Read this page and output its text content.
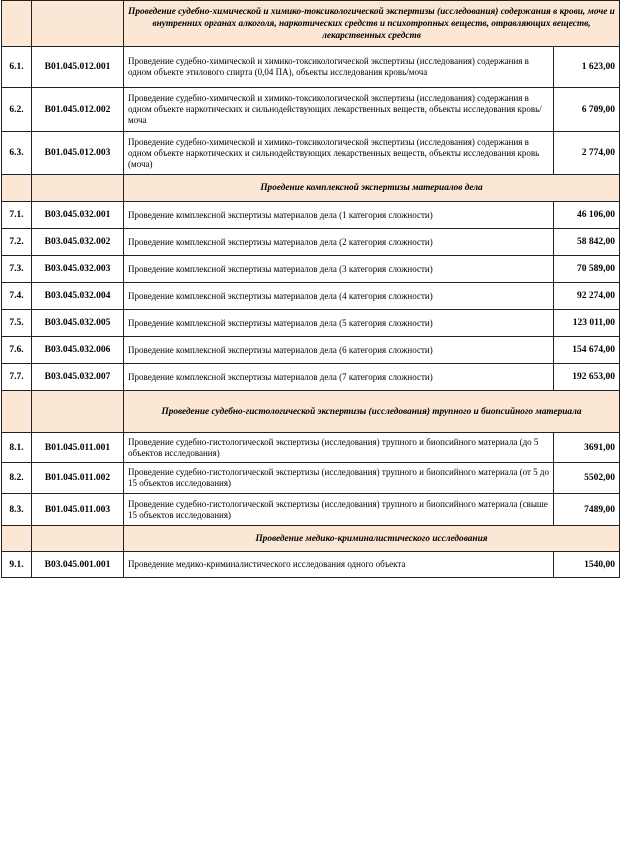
		Проведение судебно-химической и химико-токсикологической экспертизы (исследования) содержания в крови, моче и внутренних органах алкоголя, наркотических средств и психотропных веществ, отравляющих веществ, лекарственных средств	
6.1.	B01.045.012.001	Проведение судебно-химической и химико-токсикологической экспертизы (исследования) содержания в одном объекте этилового спирта (0,04 ПА), объекты исследования кровь/моча	1 623,00
6.2.	B01.045.012.002	Проведение судебно-химической и химико-токсикологической экспертизы (исследования) содержания в одном объекте наркотических и сильнодействующих лекарственных веществ, объекты исследования кровь/моча	6 709,00
6.3.	B01.045.012.003	Проведение судебно-химической и химико-токсикологической экспертизы (исследования) содержания в одном объекте наркотических и сильнодействующих лекарственных веществ, объекты исследования кровь (моча)	2 774,00
		Проедение комплексной экспертизы материалов дела	
7.1.	B03.045.032.001	Проведение комплексной экспертизы материалов дела (1 категория сложности)	46 106,00
7.2.	B03.045.032.002	Проведение комплексной экспертизы материалов дела (2 категория сложности)	58 842,00
7.3.	B03.045.032.003	Проведение комплексной экспертизы материалов дела (3 категория сложности)	70 589,00
7.4.	B03.045.032.004	Проведение комплексной экспертизы материалов дела (4 категория сложности)	92 274,00
7.5.	B03.045.032.005	Проведение комплексной экспертизы материалов дела (5 категория сложности)	123 011,00
7.6.	B03.045.032.006	Проведение комплексной экспертизы материалов дела (6 категория сложности)	154 674,00
7.7.	B03.045.032.007	Проведение комплексной экспертизы материалов дела (7 категория сложности)	192 653,00
		Проведение судебно-гистологической экспертизы (исследования) трупного и биопсийного материала	
8.1.	B01.045.011.001	Проведение судебно-гистологической экспертизы (исследования) трупного и биопсийного материала (до 5 объектов исследования)	3691,00
8.2.	B01.045.011.002	Проведение судебно-гистологической экспертизы (исследования) трупного и биопсийного материала (от 5 до 15 объектов исследования)	5502,00
8.3.	B01.045.011.003	Проведение судебно-гистологической экспертизы (исследования) трупного и биопсийного материала (свыше 15 объектов исследования)	7489,00
		Проведение медико-криминалистического исследования	
9.1.	B03.045.001.001	Проведение медико-криминалистического исследования одного объекта	1540,00
